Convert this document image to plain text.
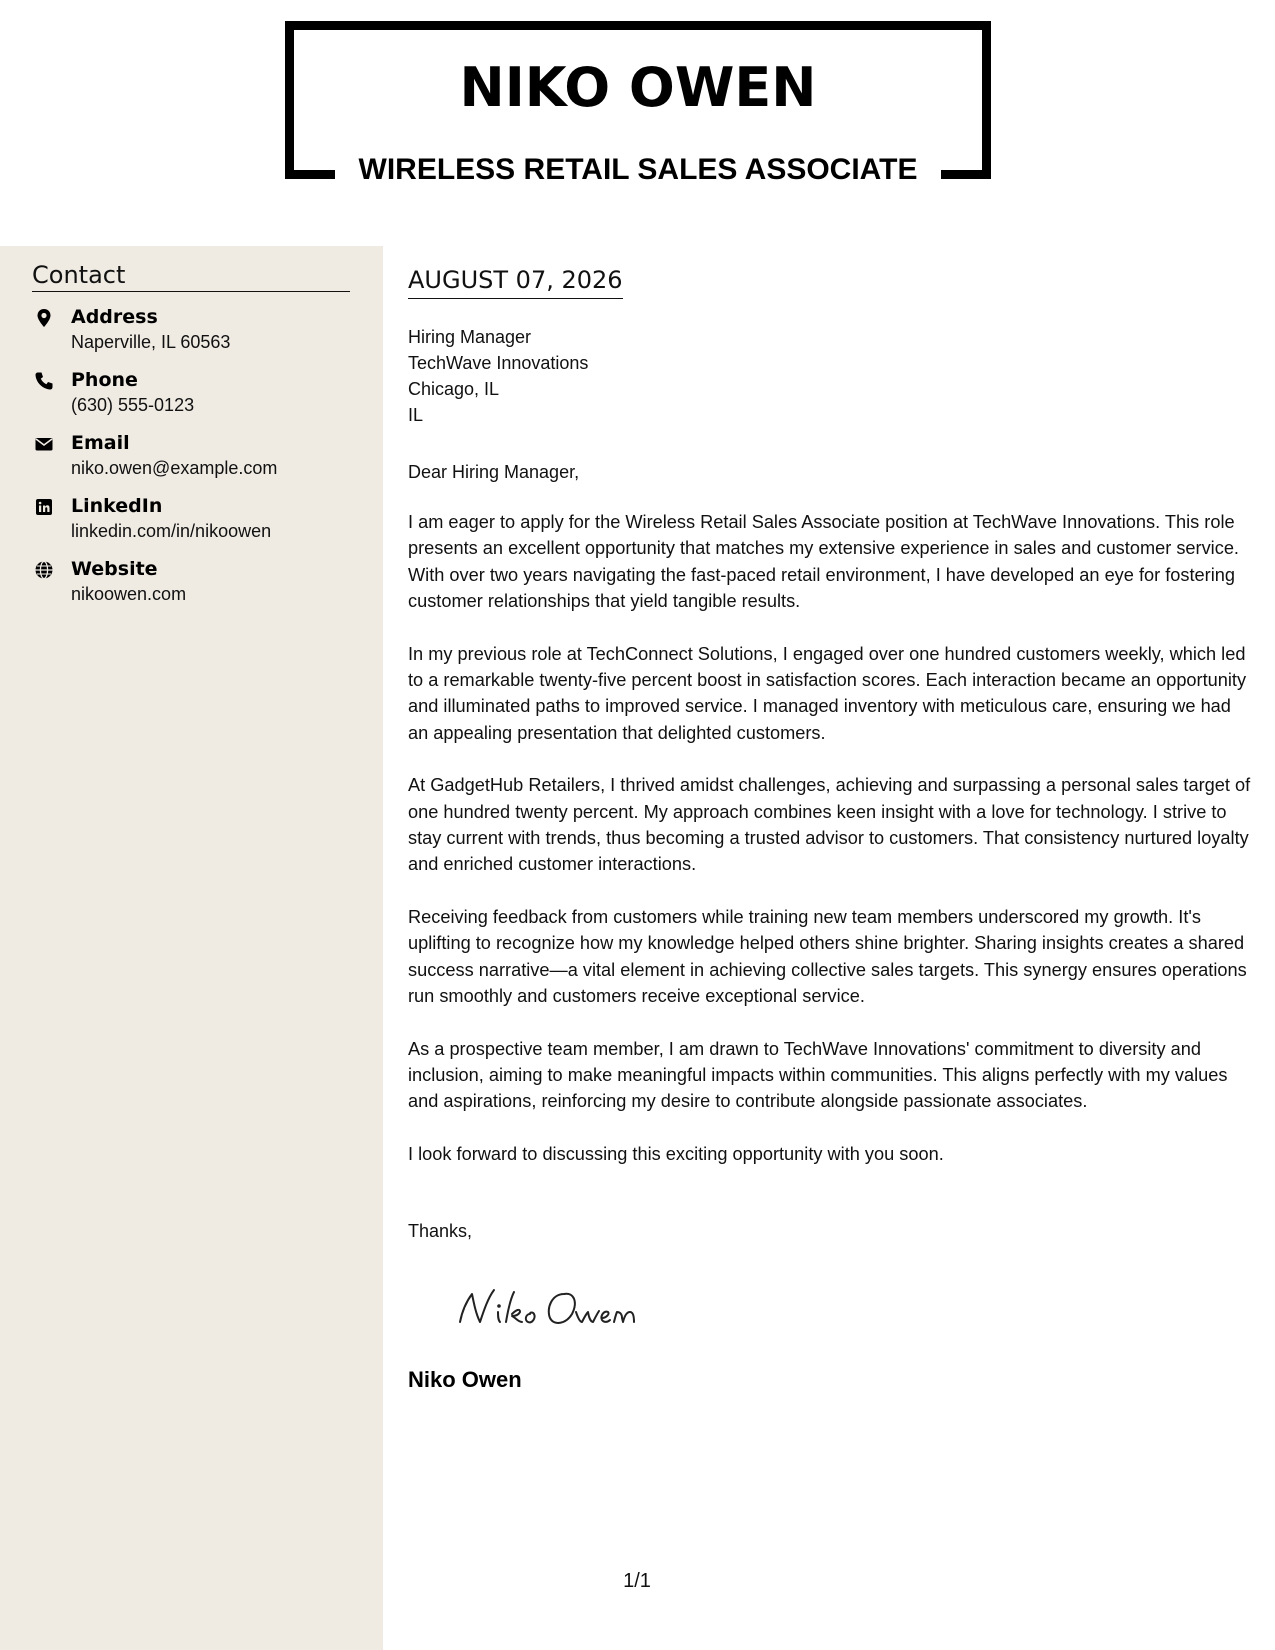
NIKO OWEN
WIRELESS RETAIL SALES ASSOCIATE
Contact
Address
Naperville, IL 60563
Phone
(630) 555-0123
Email
niko.owen@example.com
LinkedIn
linkedin.com/in/nikoowen
Website
nikoowen.com
AUGUST 07, 2026
Hiring Manager
TechWave Innovations
Chicago, IL
IL
Dear Hiring Manager,

I am eager to apply for the Wireless Retail Sales Associate position at TechWave Innovations. This role presents an excellent opportunity that matches my extensive experience in sales and customer service. With over two years navigating the fast-paced retail environment, I have developed an eye for fostering customer relationships that yield tangible results.

In my previous role at TechConnect Solutions, I engaged over one hundred customers weekly, which led to a remarkable twenty-five percent boost in satisfaction scores. Each interaction became an opportunity and illuminated paths to improved service. I managed inventory with meticulous care, ensuring we had an appealing presentation that delighted customers.

At GadgetHub Retailers, I thrived amidst challenges, achieving and surpassing a personal sales target of one hundred twenty percent. My approach combines keen insight with a love for technology. I strive to stay current with trends, thus becoming a trusted advisor to customers. That consistency nurtured loyalty and enriched customer interactions.

Receiving feedback from customers while training new team members underscored my growth. It's uplifting to recognize how my knowledge helped others shine brighter. Sharing insights creates a shared success narrative—a vital element in achieving collective sales targets. This synergy ensures operations run smoothly and customers receive exceptional service.

As a prospective team member, I am drawn to TechWave Innovations' commitment to diversity and inclusion, aiming to make meaningful impacts within communities. This aligns perfectly with my values and aspirations, reinforcing my desire to contribute alongside passionate associates.

I look forward to discussing this exciting opportunity with you soon.

Thanks,
Niko Owen
1/1
